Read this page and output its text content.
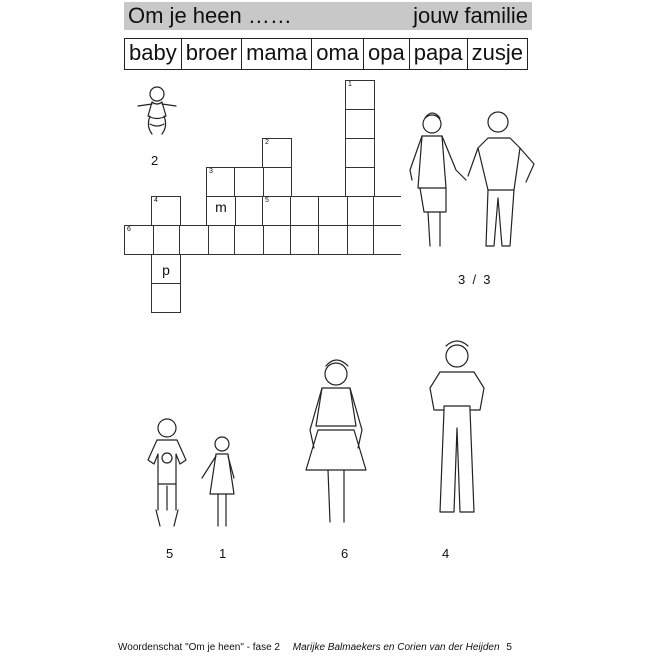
Om je heen ……	jouw familie
baby broer mama oma opa papa zusje
1
2
5
3
4
p
m
6
2
3  /  3
5	1	6	4
Woordenschat "Om je heen" - fase 2 Marijke Balmaekers en Corien van der Heijden 5
